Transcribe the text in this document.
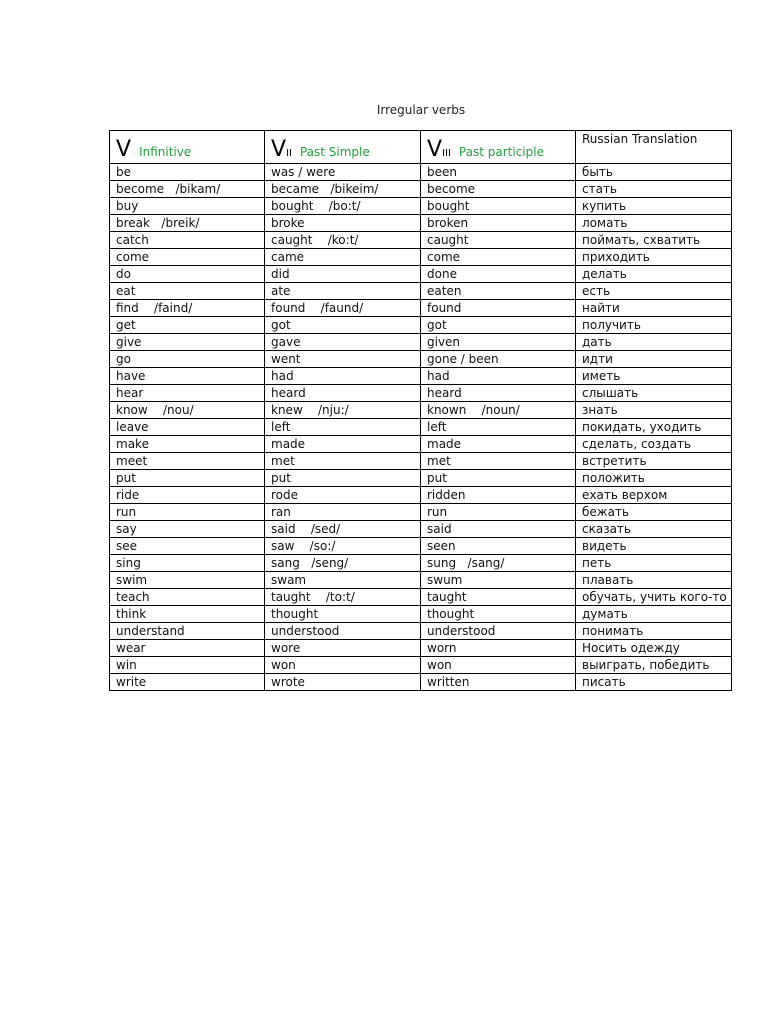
Irregular verbs
V Infinitive	VII Past Simple	VIII Past participle	Russian Translation
be	was / were	been	быть
become   /bikam/	became   /bikeim/	become	стать
buy	bought    /bo:t/	bought	купить
break   /breik/	broke	broken	ломать
catch	caught    /ko:t/	caught	поймать, схватить
come	came	come	приходить
do	did	done	делать
eat	ate	eaten	есть
find    /faind/	found    /faund/	found	найти
get	got	got	получить
give	gave	given	дать
go	went	gone / been	идти
have	had	had	иметь
hear	heard	heard	слышать
know    /nou/	knew    /nju:/	known    /noun/	знать
leave	left	left	покидать, уходить
make	made	made	сделать, создать
meet	met	met	встретить
put	put	put	положить
ride	rode	ridden	ехать верхом
run	ran	run	бежать
say	said    /sed/	said	сказать
see	saw    /so:/	seen	видеть
sing	sang   /seng/	sung   /sang/	петь
swim	swam	swum	плавать
teach	taught    /to:t/	taught	обучать, учить кого-то
think	thought	thought	думать
understand	understood	understood	понимать
wear	wore	worn	Носить одежду
win	won	won	выиграть, победить
write	wrote	written	писать
